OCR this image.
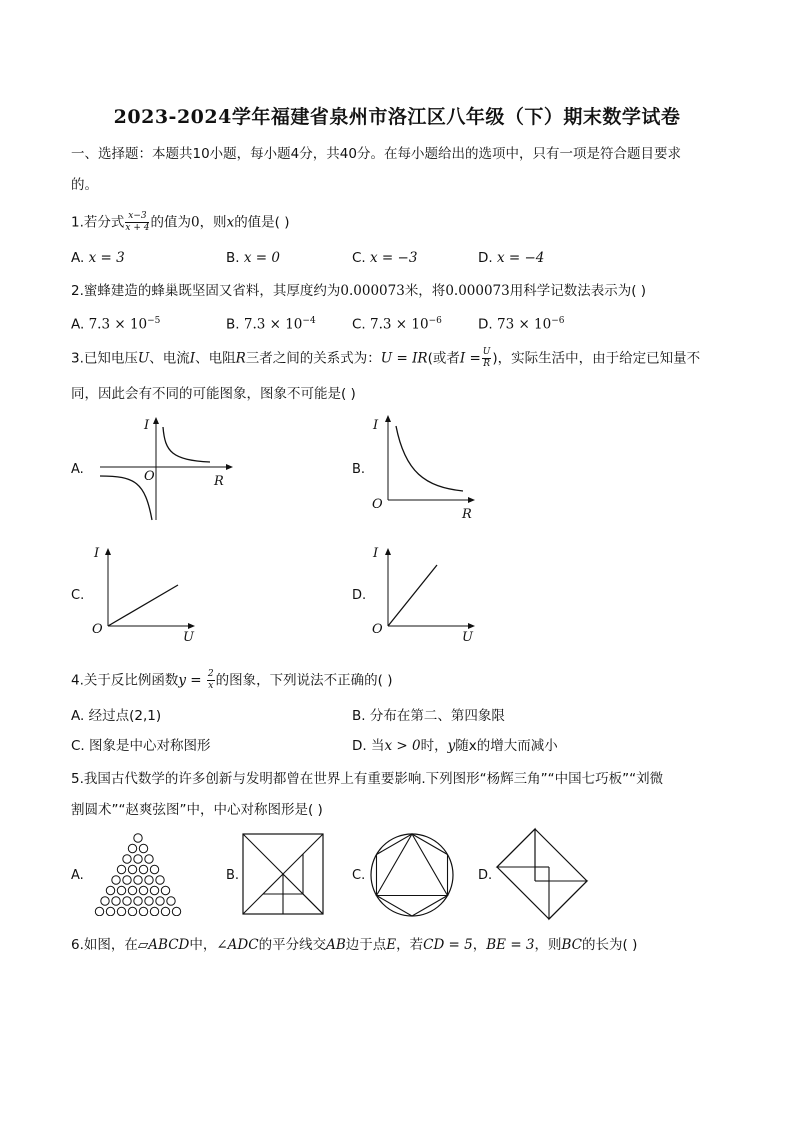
2023-2024学年福建省泉州市洛江区八年级（下）期末数学试卷
一、选择题：本题共10小题，每小题4分，共40分。在每小题给出的选项中，只有一项是符合题目要求
的。
1.若分式 $\frac{x-3}{x + 4}$ 的值为0，则x的值是( )
A. x = 3	B. x = 0	C. x = −3	D. x = −4
2.蜜蜂建造的蜂巢既坚固又省料，其厚度约为0.000073米，将0.000073用科学记数法表示为( )
A. $7.3 \times 10^{-5}$	B. $7.3 \times 10^{-4}$	C. $7.3 \times 10^{-6}$	D. $73 \times 10^{-6}$
3.已知电压U、电流I、电阻R三者之间的关系式为：U = IR(或者$I = \frac{U}{R}$ )，实际生活中，由于给定已知量不
同，因此会有不同的可能图象，图象不可能是( )
A.
I
O	R
B.
I
O
R
C.
I
O
U
D.
I
O
U
4.关于反比例函数$y = \frac{2}{x}$ 的图象，下列说法不正确的( )
A. 经过点(2,1)	B. 分布在第二、第四象限
C. 图象是中心对称图形	D. 当x > 0时，y随x的增大而减小
5.我国古代数学的许多创新与发明都曾在世界上有重要影响.下列图形“杨辉三角”“中国七巧板”“刘微
割圆术”“赵爽弦图”中，中心对称图形是( )
A.	B.	C.	D.
6.如图，在▱ABCD中，∠ADC的平分线交AB边于点E，若CD = 5，BE = 3，则BC的长为( )
